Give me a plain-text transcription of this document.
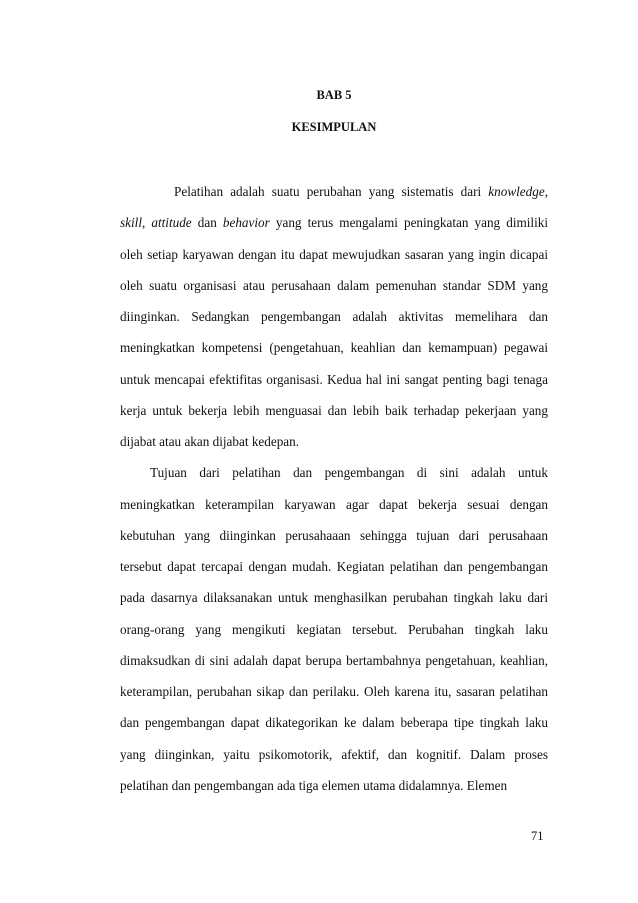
BAB 5
KESIMPULAN

Pelatihan adalah suatu perubahan yang sistematis dari knowledge, skill, attitude dan behavior yang terus mengalami peningkatan yang dimiliki oleh setiap karyawan dengan itu dapat mewujudkan sasaran yang ingin dicapai oleh suatu organisasi atau perusahaan dalam pemenuhan standar SDM yang diinginkan. Sedangkan pengembangan adalah aktivitas memelihara dan meningkatkan kompetensi (pengetahuan, keahlian dan kemampuan) pegawai untuk mencapai efektifitas organisasi. Kedua hal ini sangat penting bagi tenaga kerja untuk bekerja lebih menguasai dan lebih baik terhadap pekerjaan yang dijabat atau akan dijabat kedepan.

Tujuan dari pelatihan dan pengembangan di sini adalah untuk meningkatkan keterampilan karyawan agar dapat bekerja sesuai dengan kebutuhan yang diinginkan perusahaaan sehingga tujuan dari perusahaan tersebut dapat tercapai dengan mudah. Kegiatan pelatihan dan pengembangan pada dasarnya dilaksanakan untuk menghasilkan perubahan tingkah laku dari orang-orang yang mengikuti kegiatan tersebut. Perubahan tingkah laku dimaksudkan di sini adalah dapat berupa bertambahnya pengetahuan, keahlian, keterampilan, perubahan sikap dan perilaku. Oleh karena itu, sasaran pelatihan dan pengembangan dapat dikategorikan ke dalam beberapa tipe tingkah laku yang diinginkan, yaitu psikomotorik, afektif, dan kognitif. Dalam proses pelatihan dan pengembangan ada tiga elemen utama didalamnya. Elemen

71
